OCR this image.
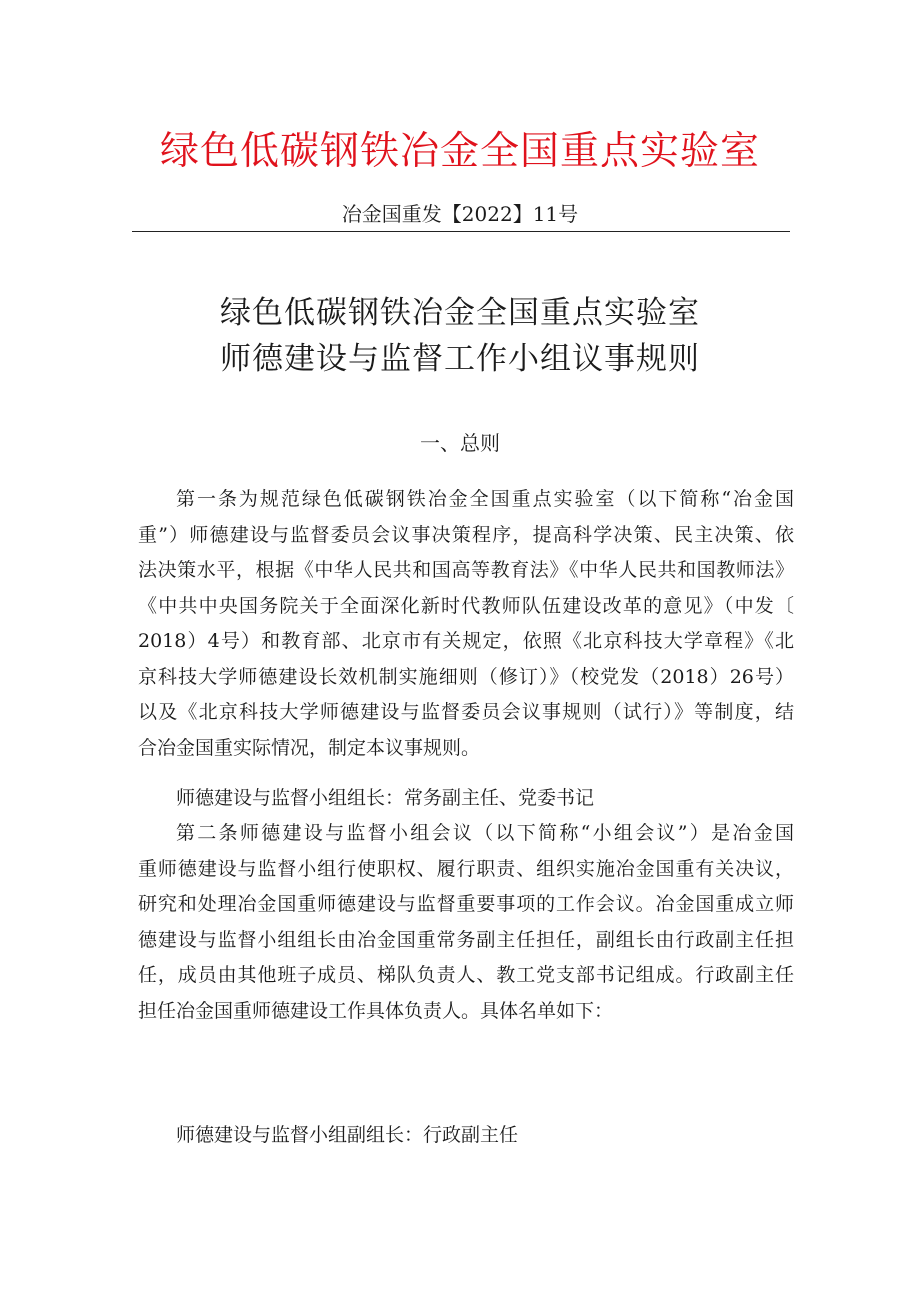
绿色低碳钢铁冶金全国重点实验室
冶金国重发【2022】11号
绿色低碳钢铁冶金全国重点实验室
师德建设与监督工作小组议事规则
一、总则
第一条为规范绿色低碳钢铁冶金全国重点实验室（以下简称“冶金国
重”）师德建设与监督委员会议事决策程序，提高科学决策、民主决策、依
法决策水平，根据《中华人民共和国高等教育法》《中华人民共和国教师法》
《中共中央国务院关于全面深化新时代教师队伍建设改革的意见》（中发〔
2018）4号）和教育部、北京市有关规定，依照《北京科技大学章程》《北
京科技大学师德建设长效机制实施细则（修订）》（校党发（2018）26号）
以及《北京科技大学师德建设与监督委员会议事规则（试行）》等制度，结
合冶金国重实际情况，制定本议事规则。
第二条师德建设与监督小组会议（以下简称“小组会议”）是冶金国
重师德建设与监督小组行使职权、履行职责、组织实施冶金国重有关决议，
研究和处理冶金国重师德建设与监督重要事项的工作会议。冶金国重成立师
德建设与监督小组组长由冶金国重常务副主任担任，副组长由行政副主任担
任，成员由其他班子成员、梯队负责人、教工党支部书记组成。行政副主任
担任冶金国重师德建设工作具体负责人。具体名单如下：
师德建设与监督小组组长：常务副主任、党委书记
师德建设与监督小组副组长：行政副主任
